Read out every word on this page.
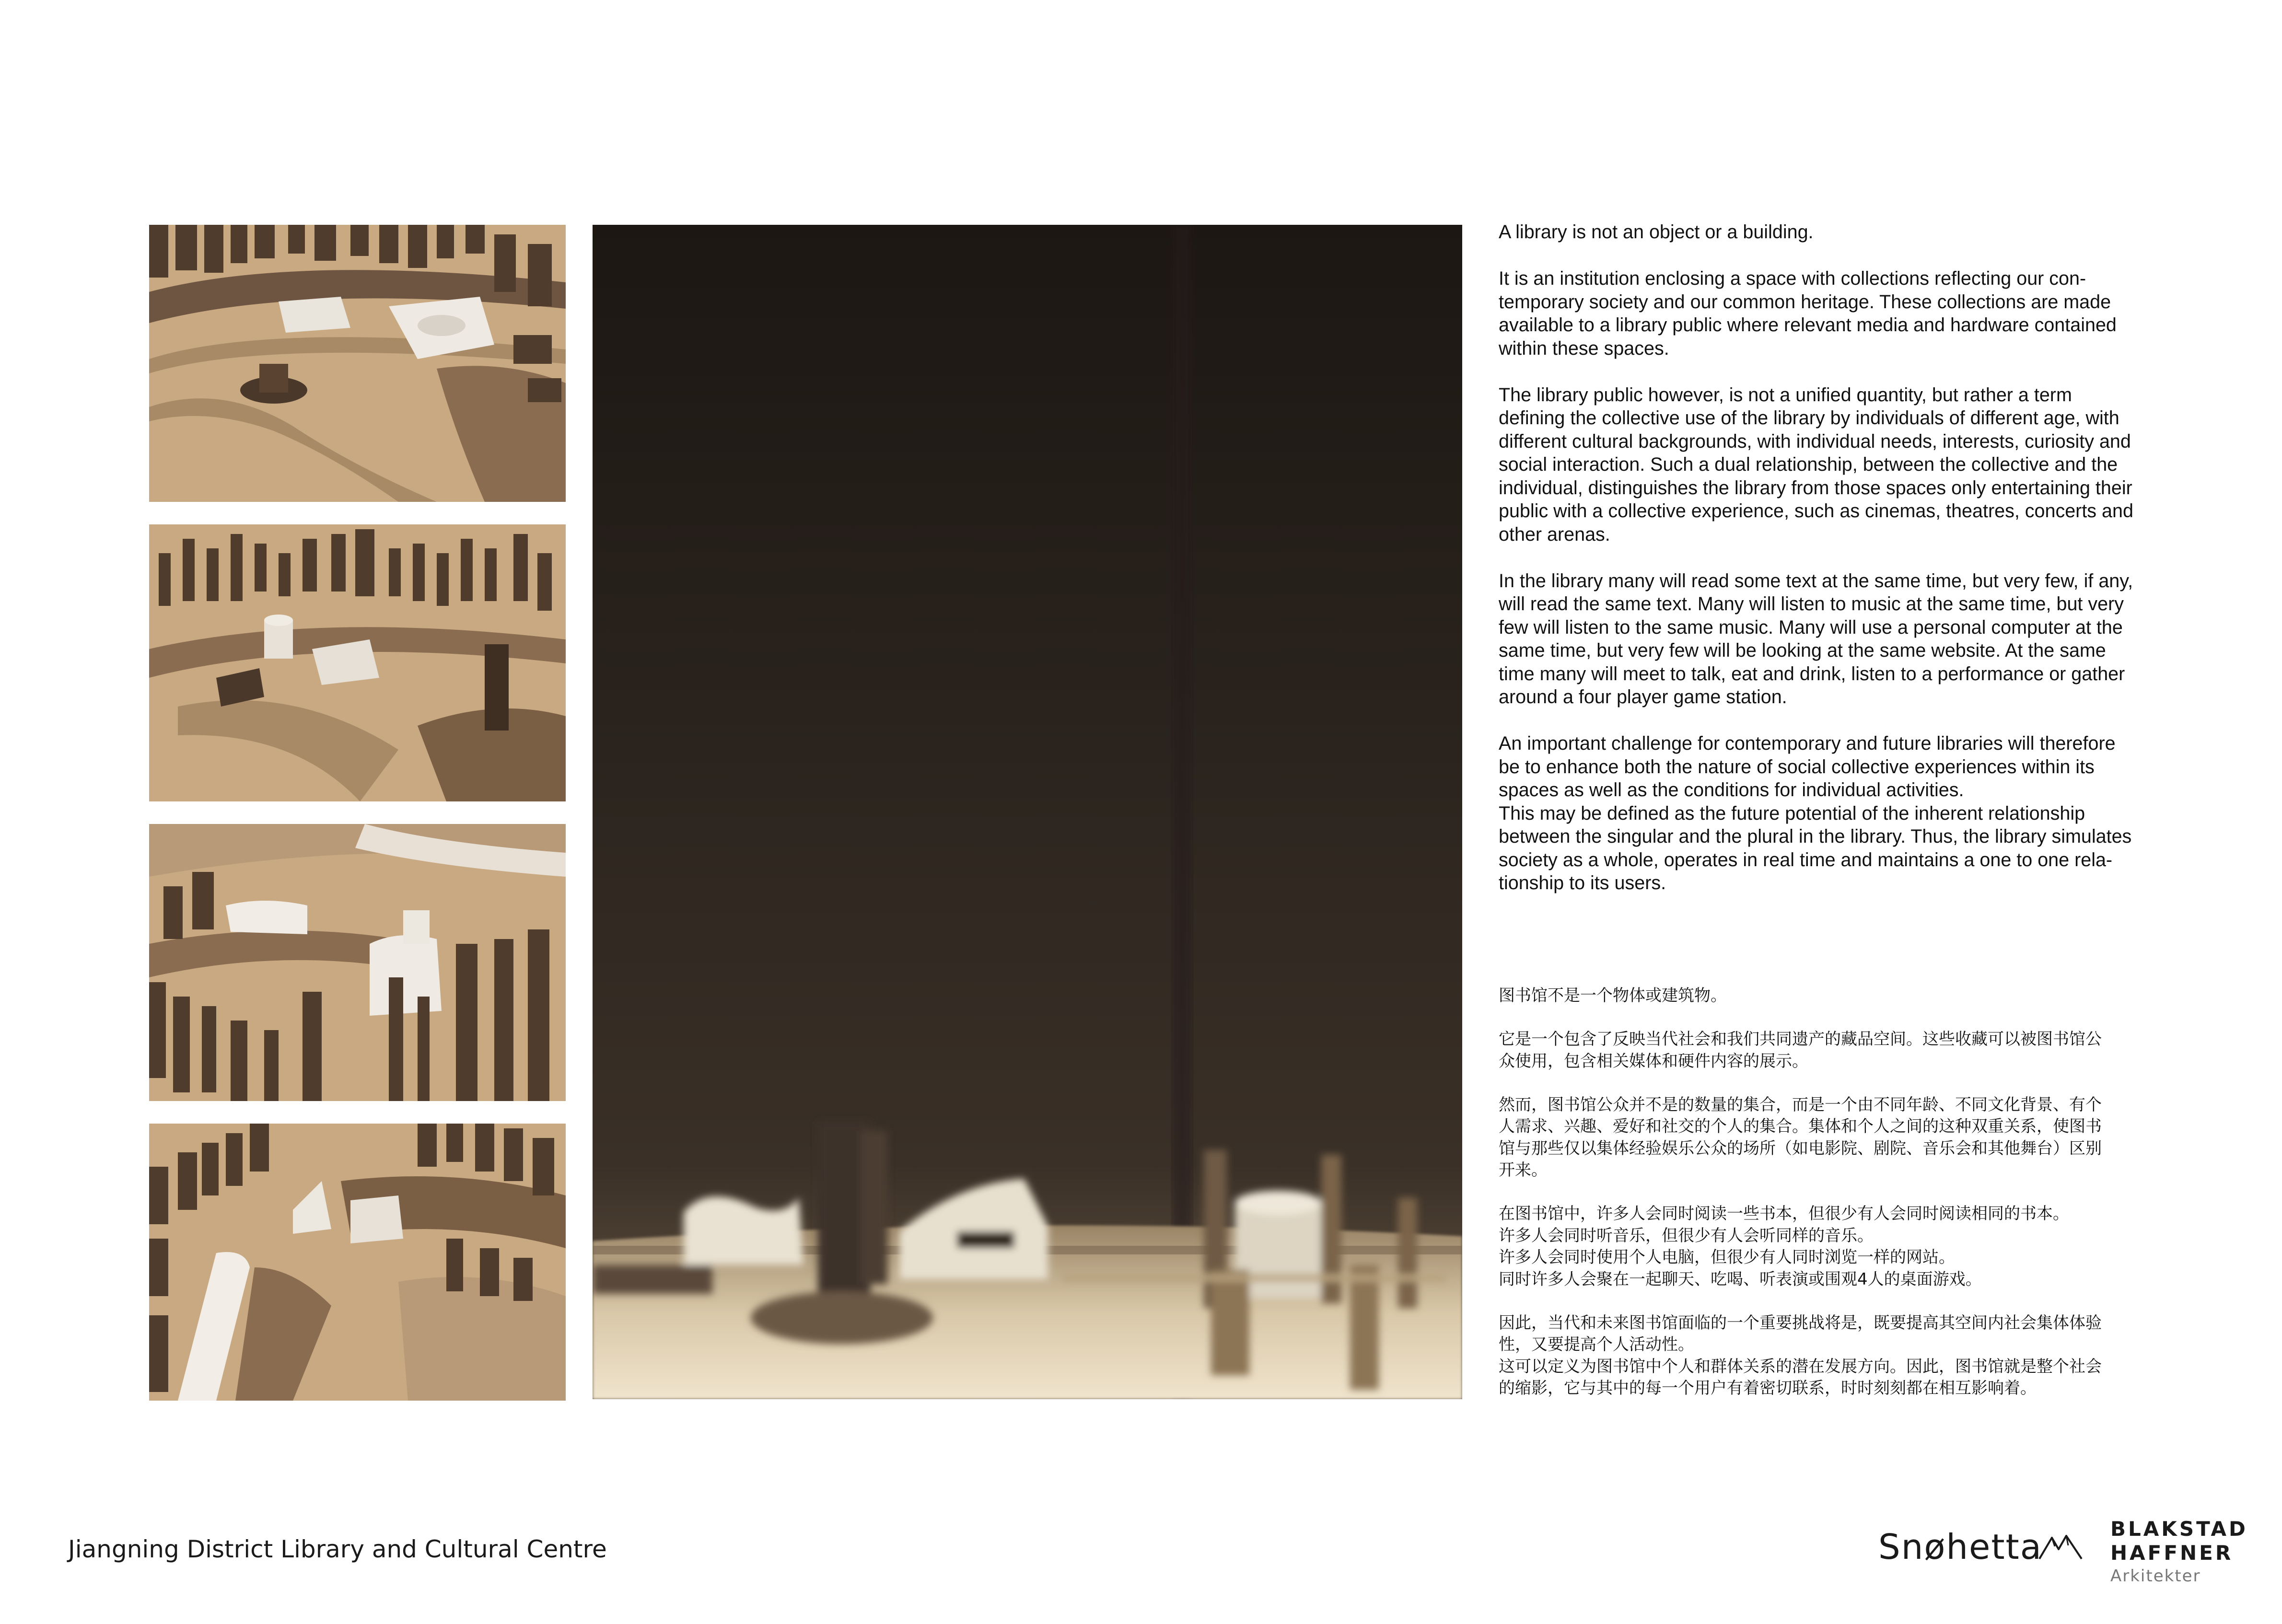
A library is not an object or a building.

It is an institution enclosing a space with collections reflecting our con-
temporary society and our common heritage. These collections are made
available to a library public where relevant media and hardware contained
within these spaces.

The library public however, is not a unified quantity, but rather a term
defining the collective use of the library by individuals of different age, with
different cultural backgrounds, with individual needs, interests, curiosity and
social interaction. Such a dual relationship, between the collective and the
individual, distinguishes the library from those spaces only entertaining their
public with a collective experience, such as cinemas, theatres, concerts and
other arenas.

In the library many will read some text at the same time, but very few, if any,
will read the same text. Many will listen to music at the same time, but very
few will listen to the same music. Many will use a personal computer at the
same time, but very few will be looking at the same website. At the same
time many will meet to talk, eat and drink, listen to a performance or gather
around a four player game station.

An important challenge for contemporary and future libraries will therefore
be to enhance both the nature of social collective experiences within its
spaces as well as the conditions for individual activities.

This may be defined as the future potential of the inherent relationship
between the singular and the plural in the library. Thus, the library simulates
society as a whole, operates in real time and maintains a one to one rela-
tionship to its users.

图书馆不是一个物体或建筑物。

它是一个包含了反映当代社会和我们共同遗产的藏品空间。这些收藏可以被图书馆公
众使用，包含相关媒体和硬件内容的展示。

然而，图书馆公众并不是的数量的集合，而是一个由不同年龄、不同文化背景、有个
人需求、兴趣、爱好和社交的个人的集合。集体和个人之间的这种双重关系，使图书
馆与那些仅以集体经验娱乐公众的场所（如电影院、剧院、音乐会和其他舞台）区别
开来。

在图书馆中，许多人会同时阅读一些书本，但很少有人会同时阅读相同的书本。
许多人会同时听音乐，但很少有人会听同样的音乐。
许多人会同时使用个人电脑，但很少有人同时浏览一样的网站。
同时许多人会聚在一起聊天、吃喝、听表演或围观4人的桌面游戏。

因此，当代和未来图书馆面临的一个重要挑战将是，既要提高其空间内社会集体体验
性，又要提高个人活动性。

这可以定义为图书馆中个人和群体关系的潜在发展方向。因此，图书馆就是整个社会
的缩影，它与其中的每一个用户有着密切联系，时时刻刻都在相互影响着。

Jiangning District Library and Cultural Centre	Snøhetta	BLAKSTAD
HAFFNER
Arkitekter
